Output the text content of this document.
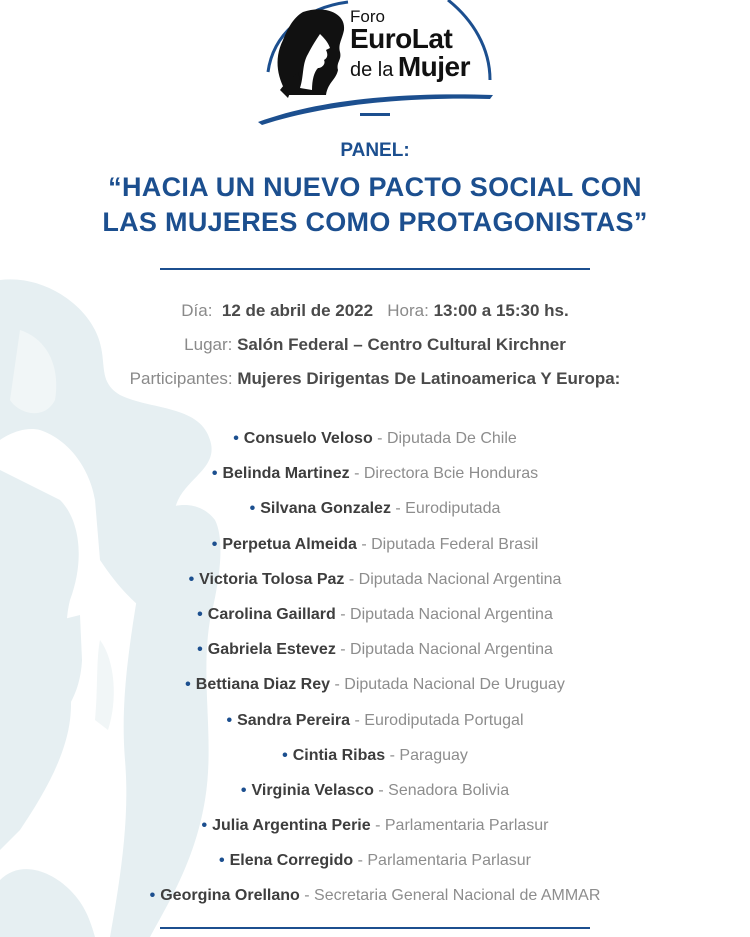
Foro
EuroLat
de la Mujer
PANEL:
“HACIA UN NUEVO PACTO SOCIAL CON
LAS MUJERES COMO PROTAGONISTAS”
Día: 12 de abril de 2022 Hora: 13:00 a 15:30 hs.
Lugar: Salón Federal – Centro Cultural Kirchner
Participantes: Mujeres Dirigentas De Latinoamerica Y Europa:
• Consuelo Veloso - Diputada De Chile
• Belinda Martinez - Directora Bcie Honduras
• Silvana Gonzalez - Eurodiputada
• Perpetua Almeida - Diputada Federal Brasil
• Victoria Tolosa Paz - Diputada Nacional Argentina
• Carolina Gaillard - Diputada Nacional Argentina
• Gabriela Estevez - Diputada Nacional Argentina
• Bettiana Diaz Rey - Diputada Nacional De Uruguay
• Sandra Pereira - Eurodiputada Portugal
• Cintia Ribas - Paraguay
• Virginia Velasco - Senadora Bolivia
• Julia Argentina Perie - Parlamentaria Parlasur
• Elena Corregido - Parlamentaria Parlasur
• Georgina Orellano - Secretaria General Nacional de AMMAR
